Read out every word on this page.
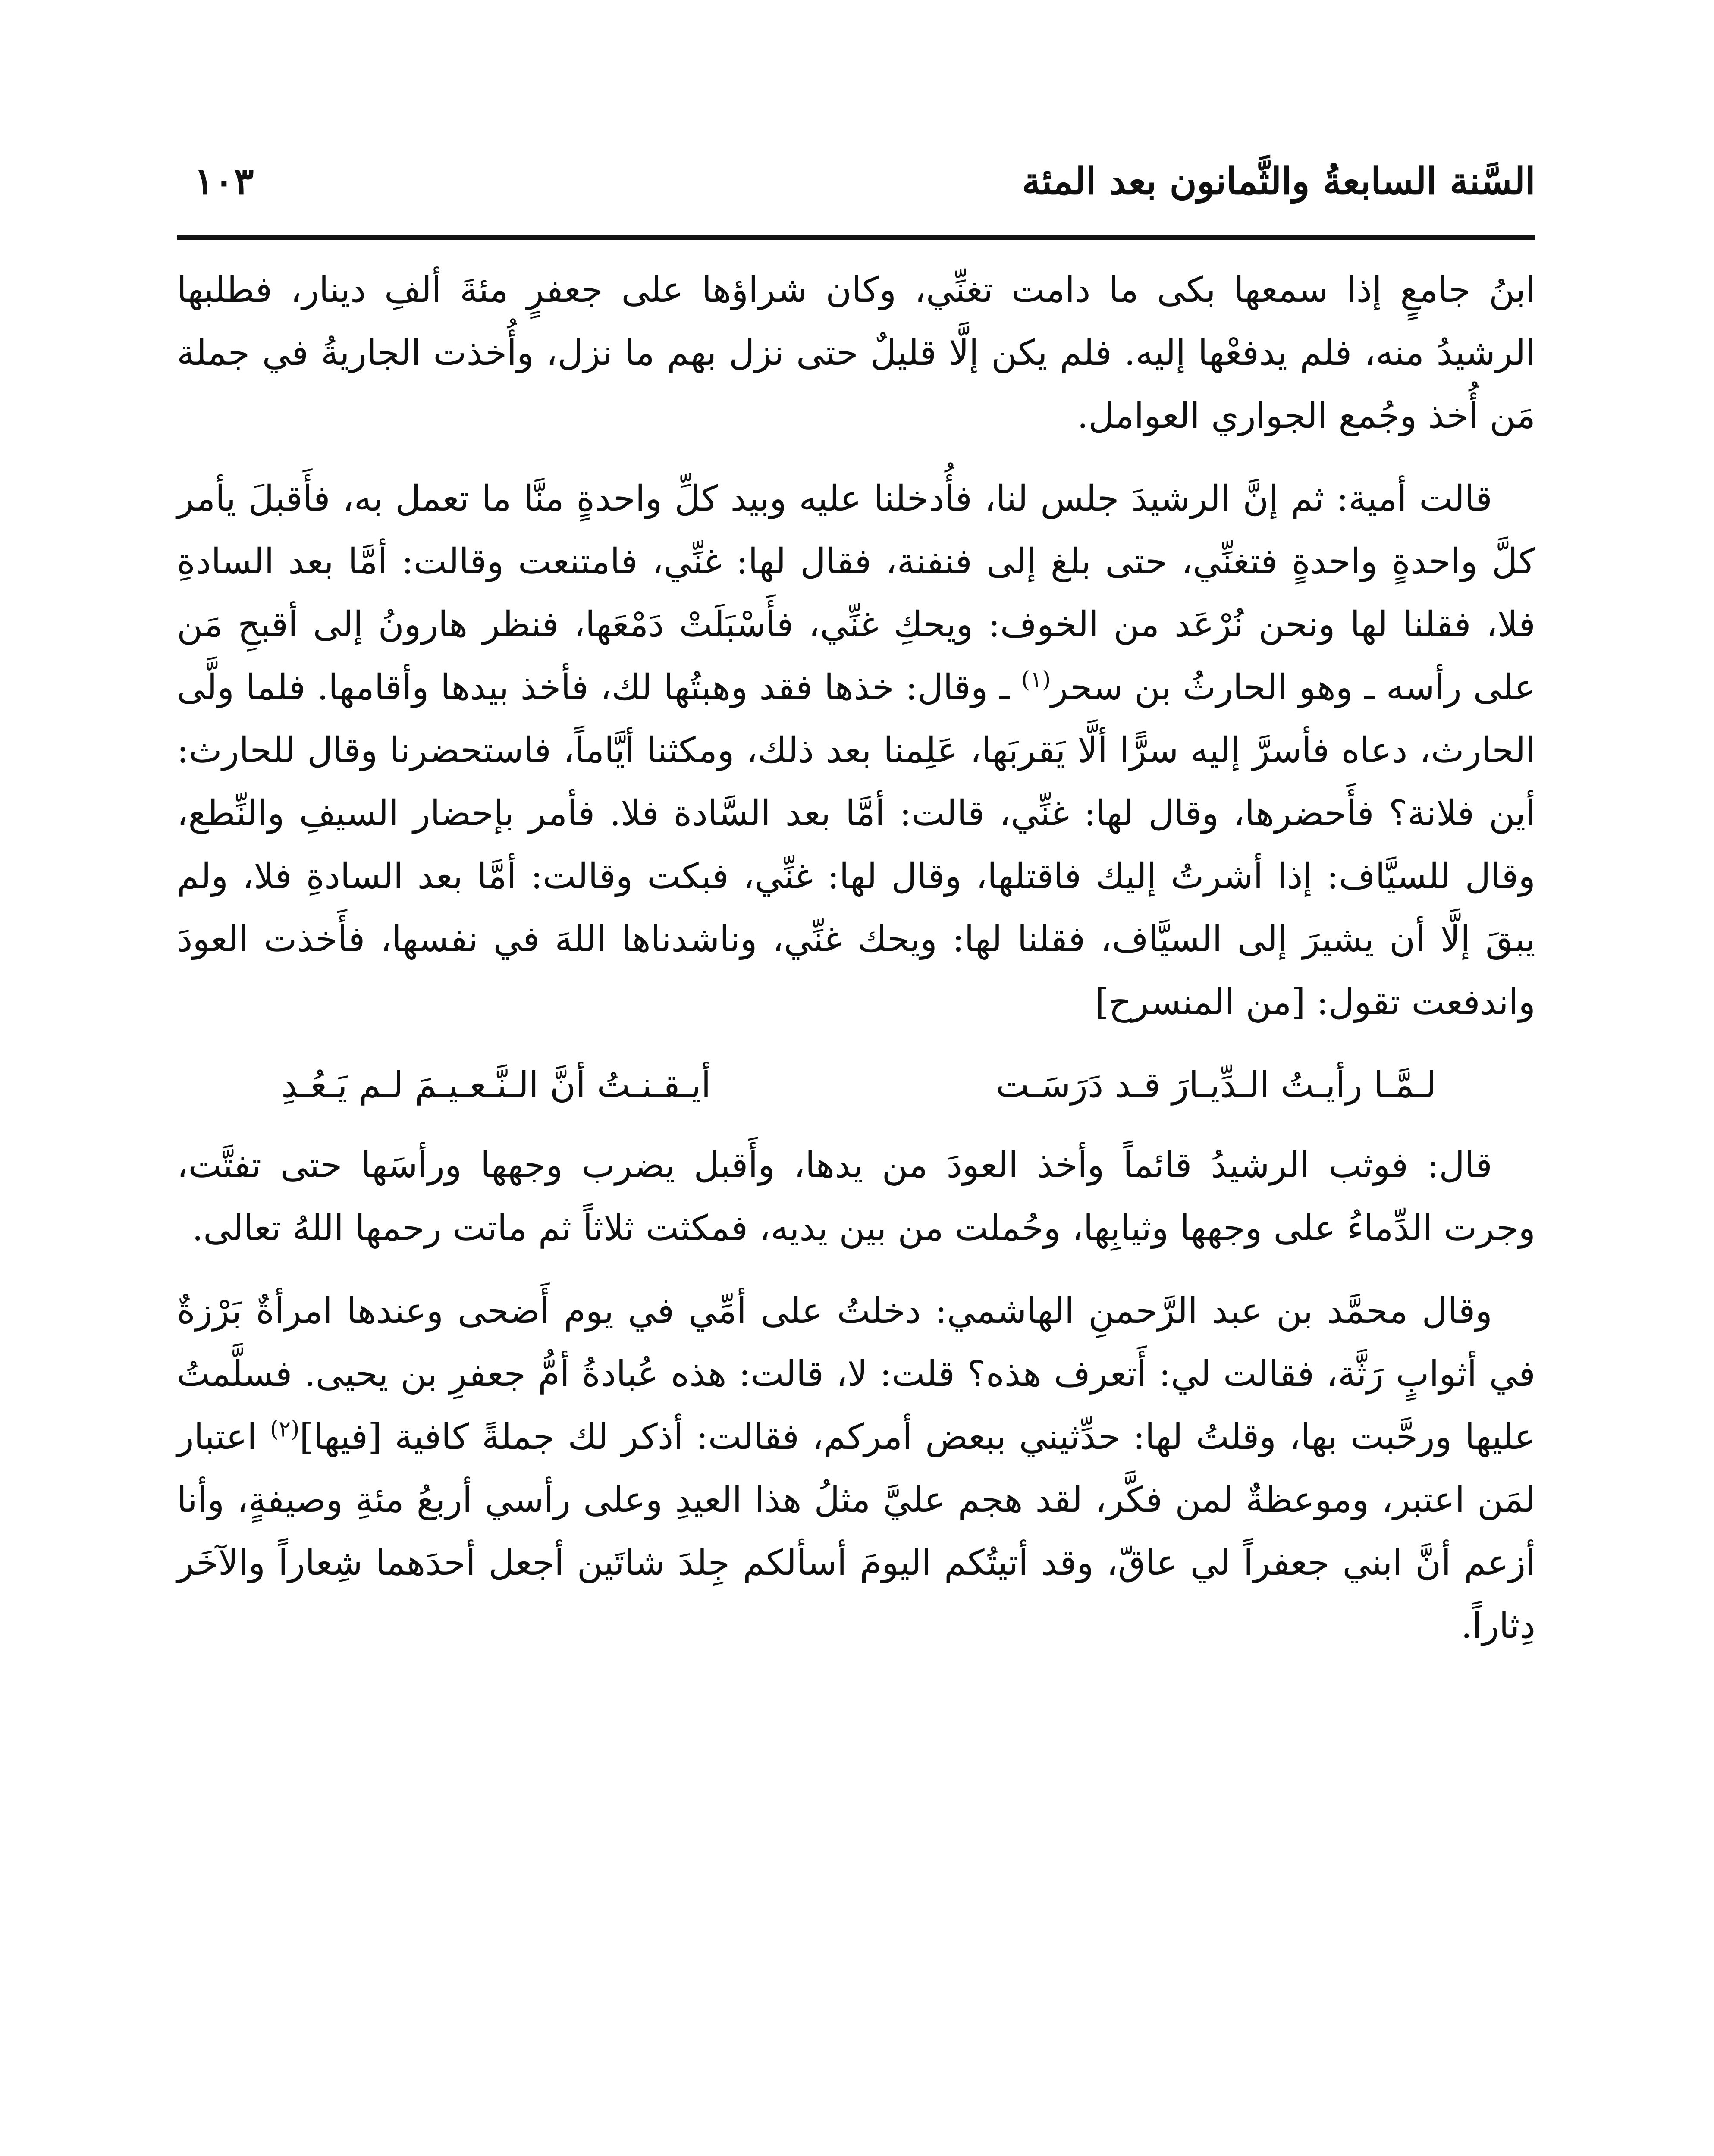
السَّنة السابعةُ والثَّمانون بعد المئة
١٠٣

ابنُ جامعٍ إذا سمعها بكى ما دامت تغنِّي، وكان شراؤها على جعفرٍ مئةَ ألفِ دينار، فطلبها الرشيدُ منه، فلم يدفعْها إليه. فلم يكن إلَّا قليلٌ حتى نزل بهم ما نزل، وأُخذت الجاريةُ في جملة مَن أُخذ وجُمع الجواري العوامل.

قالت أمية: ثم إنَّ الرشيدَ جلس لنا، فأُدخلنا عليه وبيد كلِّ واحدةٍ منَّا ما تعمل به، فأَقبلَ يأمر كلَّ واحدةٍ واحدةٍ فتغنِّي، حتى بلغ إلى فنفنة، فقال لها: غنِّي، فامتنعت وقالت: أمَّا بعد السادةِ فلا، فقلنا لها ونحن نُرْعَد من الخوف: ويحكِ غنِّي، فأَسْبَلَتْ دَمْعَها، فنظر هارونُ إلى أقبحِ مَن على رأسه ـ وهو الحارثُ بن سحر$^{(١)}$ ـ وقال: خذها فقد وهبتُها لك، فأخذ بيدها وأقامها. فلما ولَّى الحارث، دعاه فأسرَّ إليه سرًّا ألَّا يَقربَها، عَلِمنا بعد ذلك، ومكثنا أيَّاماً، فاستحضرنا وقال للحارث: أين فلانة؟ فأَحضرها، وقال لها: غنِّي، قالت: أمَّا بعد السَّادة فلا. فأمر بإحضار السيفِ والنِّطع، وقال للسيَّاف: إذا أشرتُ إليك فاقتلها، وقال لها: غنِّي، فبكت وقالت: أمَّا بعد السادةِ فلا، ولم يبقَ إلَّا أن يشيرَ إلى السيَّاف، فقلنا لها: ويحك غنِّي، وناشدناها اللهَ في نفسها، فأَخذت العودَ واندفعت تقول: [من المنسرح]

لـمَّـا رأيـتُ الـدِّيـارَ قـد دَرَسَـت
أيـقـنـتُ أنَّ الـنَّـعـيـمَ لـم يَـعُـدِ

قال: فوثب الرشيدُ قائماً وأخذ العودَ من يدها، وأَقبل يضرب وجهها ورأسَها حتى تفتَّت، وجرت الدِّماءُ على وجهها وثيابِها، وحُملت من بين يديه، فمكثت ثلاثاً ثم ماتت رحمها اللهُ تعالى.

وقال محمَّد بن عبد الرَّحمنِ الهاشمي: دخلتُ على أمِّي في يوم أَضحى وعندها امرأةٌ بَرْزةٌ في أثوابٍ رَثَّة، فقالت لي: أَتعرف هذه؟ قلت: لا، قالت: هذه عُبادةُ أمُّ جعفرِ بن يحيى. فسلَّمتُ عليها ورحَّبت بها، وقلتُ لها: حدِّثيني ببعض أمركم، فقالت: أذكر لك جملةً كافية [فيها]$^{(٢)}$ اعتبار لمَن اعتبر، وموعظةٌ لمن فكَّر، لقد هجم عليَّ مثلُ هذا العيدِ وعلى رأسي أربعُ مئةِ وصيفةٍ، وأنا أزعم أنَّ ابني جعفراً لي عاقّ، وقد أتيتُكم اليومَ أسألكم جِلدَ شاتَين أجعل أحدَهما شِعاراً والآخَر دِثاراً.
